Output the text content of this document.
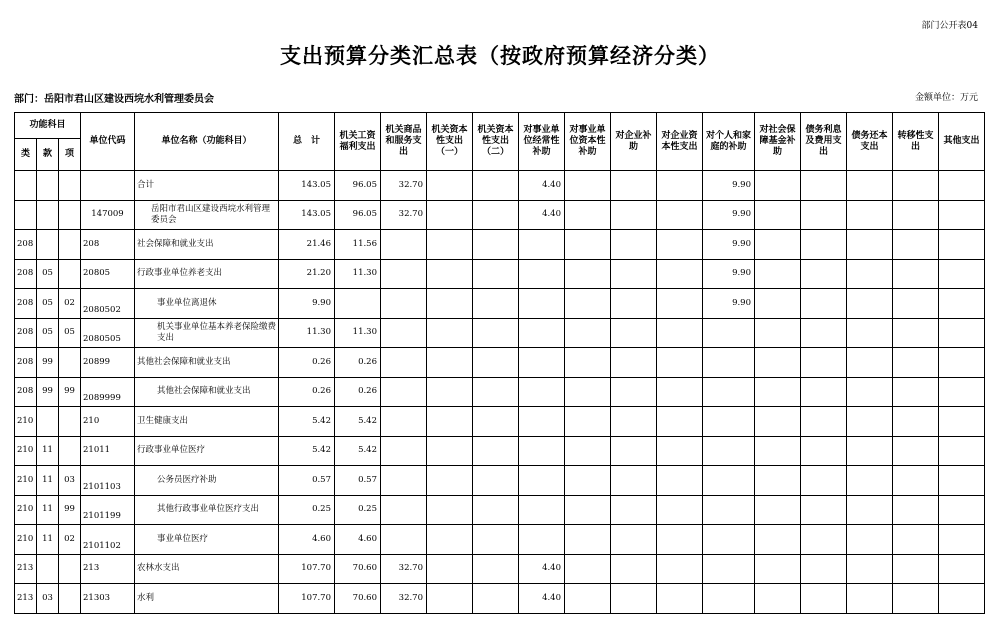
部门公开表04
支出预算分类汇总表（按政府预算经济分类）
部门：岳阳市君山区建设西垸水利管理委员会	金额单位：万元
功能科目			单位代码	单位名称（功能科目）	总　计	机关工资福利支出	机关商品和服务支出	机关资本性支出（一）	机关资本性支出（二）	对事业单位经常性补助	对事业单位资本性补助	对企业补助	对企业资本性支出	对个人和家庭的补助	对社会保障基金补助	债务利息及费用支出	债务还本支出	转移性支出	其他支出
类	款	项																	
				合计	143.05	96.05	32.70			4.40				9.90					
			147009	岳阳市君山区建设西垸水利管理委员会	143.05	96.05	32.70			4.40				9.90					
208			208	社会保障和就业支出	21.46	11.56								9.90					
208	05		20805	行政事业单位养老支出	21.20	11.30								9.90					
208	05	02	2080502	事业单位离退休	9.90									9.90					
208	05	05	2080505	机关事业单位基本养老保险缴费支出	11.30	11.30													
208	99		20899	其他社会保障和就业支出	0.26	0.26													
208	99	99	2089999	其他社会保障和就业支出	0.26	0.26													
210			210	卫生健康支出	5.42	5.42													
210	11		21011	行政事业单位医疗	5.42	5.42													
210	11	03	2101103	公务员医疗补助	0.57	0.57													
210	11	99	2101199	其他行政事业单位医疗支出	0.25	0.25													
210	11	02	2101102	事业单位医疗	4.60	4.60													
213			213	农林水支出	107.70	70.60	32.70			4.40									
213	03		21303	水利	107.70	70.60	32.70			4.40									
